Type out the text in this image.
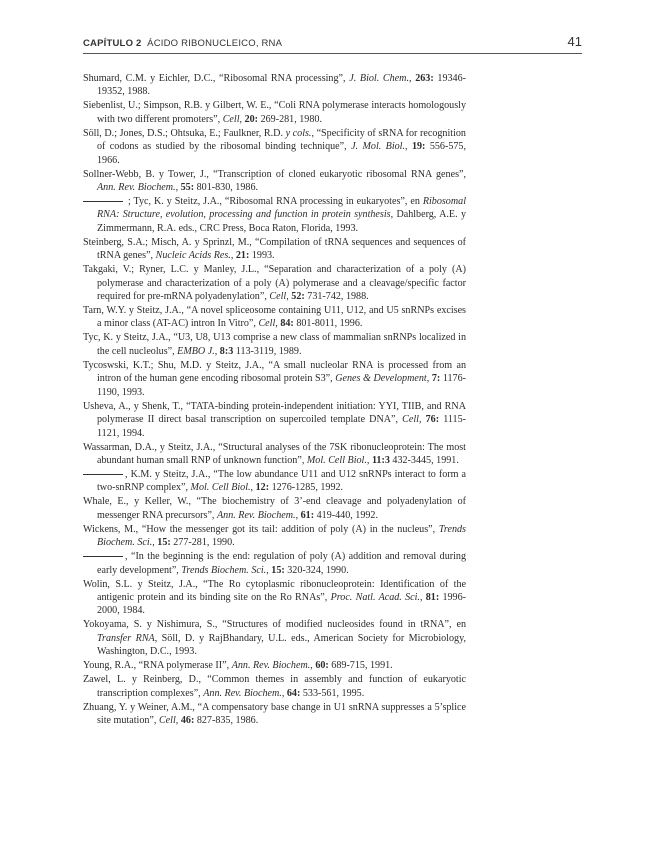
CAPÍTULO 2 ÁCIDO RIBONUCLEICO, RNA	41
Shumard, C.M. y Eichler, D.C., “Ribosomal RNA processing”, J. Biol. Chem., 263: 19346-19352, 1988.
Siebenlist, U.; Simpson, R.B. y Gilbert, W. E., “Coli RNA polymerase interacts homologously with two different promoters”, Cell, 20: 269-281, 1980.
Söll, D.; Jones, D.S.; Ohtsuka, E.; Faulkner, R.D. y cols., “Specificity of sRNA for recognition of codons as studied by the ribosomal binding technique”, J. Mol. Biol., 19: 556-575, 1966.
Sollner-Webb, B. y Tower, J., “Transcription of cloned eukaryotic ribosomal RNA genes”, Ann. Rev. Biochem., 55: 801-830, 1986.
; Tyc, K. y Steitz, J.A., “Ribosomal RNA processing in eukaryotes”, en Ribosomal RNA: Structure, evolution, processing and function in protein synthesis, Dahlberg, A.E. y Zimmermann, R.A. eds., CRC Press, Boca Raton, Florida, 1993.
Steinberg, S.A.; Misch, A. y Sprinzl, M., “Compilation of tRNA sequences and sequences of tRNA genes”, Nucleic Acids Res., 21: 1993.
Takgaki, V.; Ryner, L.C. y Manley, J.L., “Separation and characterization of a poly (A) polymerase and characterization of a poly (A) polymerase and a cleavage/specific factor required for pre-mRNA polyadenylation”, Cell, 52: 731-742, 1988.
Tarn, W.Y. y Steitz, J.A., “A novel spliceosome containing U11, U12, and U5 snRNPs excises a minor class (AT-AC) intron In Vitro”, Cell, 84: 801-8011, 1996.
Tyc, K. y Steitz, J.A., “U3, U8, U13 comprise a new class of mammalian snRNPs localized in the cell nucleolus”, EMBO J., 8:3 113-3119, 1989.
Tycoswski, K.T.; Shu, M.D. y Steitz, J.A., “A small nucleolar RNA is processed from an intron of the human gene encoding ribosomal protein S3”, Genes & Development, 7: 1176-1190, 1993.
Usheva, A., y Shenk, T., “TATA-binding protein-independent initiation: YYI, TIIB, and RNA polymerase II direct basal transcription on supercoiled template DNA”, Cell, 76: 1115-1121, 1994.
Wassarman, D.A., y Steitz, J.A., “Structural analyses of the 7SK ribonucleoprotein: The most abundant human small RNP of unknown function”, Mol. Cell Biol., 11:3 432-3445, 1991.
, K.M. y Steitz, J.A., “The low abundance U11 and U12 snRNPs interact to form a two-snRNP complex”, Mol. Cell Biol., 12: 1276-1285, 1992.
Whale, E., y Keller, W., “The biochemistry of 3’-end cleavage and polyadenylation of messenger RNA precursors”, Ann. Rev. Biochem., 61: 419-440, 1992.
Wickens, M., “How the messenger got its tail: addition of poly (A) in the nucleus”, Trends Biochem. Sci., 15: 277-281, 1990.
, “In the beginning is the end: regulation of poly (A) addition and removal during early development”, Trends Biochem. Sci., 15: 320-324, 1990.
Wolin, S.L. y Steitz, J.A., “The Ro cytoplasmic ribonucleoprotein: Identification of the antigenic protein and its binding site on the Ro RNAs”, Proc. Natl. Acad. Sci., 81: 1996-2000, 1984.
Yokoyama, S. y Nishimura, S., “Structures of modified nucleosides found in tRNA”, en Transfer RNA, Söll, D. y RajBhandary, U.L. eds., American Society for Microbiology, Washington, D.C., 1993.
Young, R.A., “RNA polymerase II”, Ann. Rev. Biochem., 60: 689-715, 1991.
Zawel, L. y Reinberg, D., “Common themes in assembly and function of eukaryotic transcription complexes”, Ann. Rev. Biochem., 64: 533-561, 1995.
Zhuang, Y. y Weiner, A.M., “A compensatory base change in U1 snRNA suppresses a 5’splice site mutation”, Cell, 46: 827-835, 1986.
